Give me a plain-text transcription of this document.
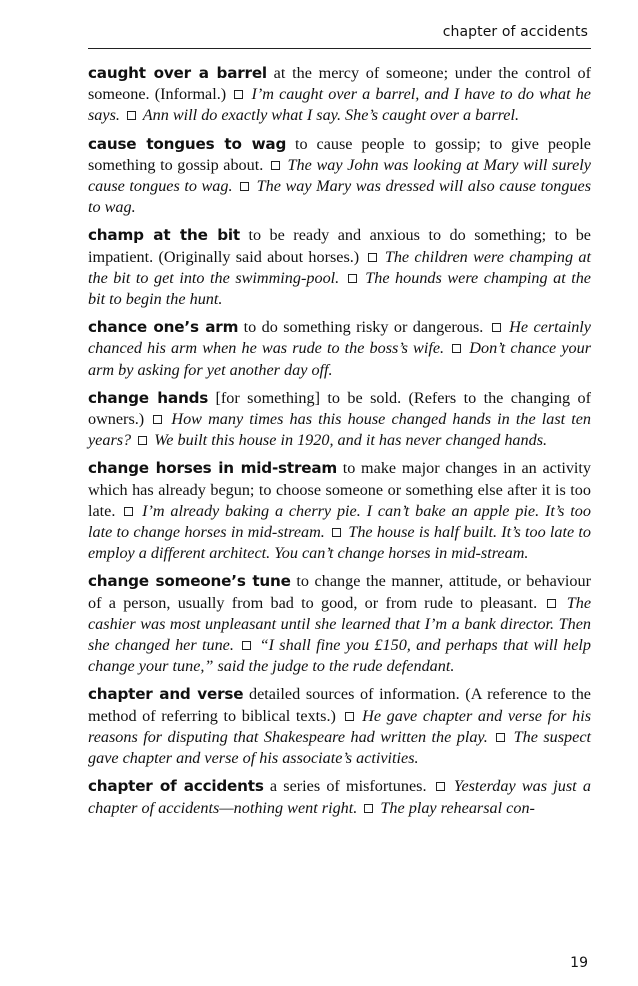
chapter of accidents

caught over a barrel at the mercy of someone; under the control of someone. (Informal.)  I’m caught over a barrel, and I have to do what he says.  Ann will do exactly what I say. She’s caught over a barrel.

cause tongues to wag to cause people to gossip; to give people something to gossip about.  The way John was looking at Mary will surely cause tongues to wag.  The way Mary was dressed will also cause tongues to wag.

champ at the bit to be ready and anxious to do something; to be impatient. (Originally said about horses.)  The children were champing at the bit to get into the swimming-pool.  The hounds were champing at the bit to begin the hunt.

chance one’s arm to do something risky or dangerous.  He certainly chanced his arm when he was rude to the boss’s wife.  Don’t chance your arm by asking for yet another day off.

change hands [for something] to be sold. (Refers to the changing of owners.)  How many times has this house changed hands in the last ten years?  We built this house in 1920, and it has never changed hands.

change horses in mid-stream to make major changes in an activity which has already begun; to choose someone or something else after it is too late.  I’m already baking a cherry pie. I can’t bake an apple pie. It’s too late to change horses in mid-stream.  The house is half built. It’s too late to employ a different architect. You can’t change horses in mid-stream.

change someone’s tune to change the manner, attitude, or behaviour of a person, usually from bad to good, or from rude to pleasant.  The cashier was most unpleasant until she learned that I’m a bank director. Then she changed her tune.  “I shall fine you £150, and perhaps that will help change your tune,” said the judge to the rude defendant.

chapter and verse detailed sources of information. (A reference to the method of referring to biblical texts.)  He gave chapter and verse for his reasons for disputing that Shakespeare had written the play.  The suspect gave chapter and verse of his associate’s activities.

chapter of accidents a series of misfortunes.  Yesterday was just a chapter of accidents—nothing went right.  The play rehearsal con-

19
